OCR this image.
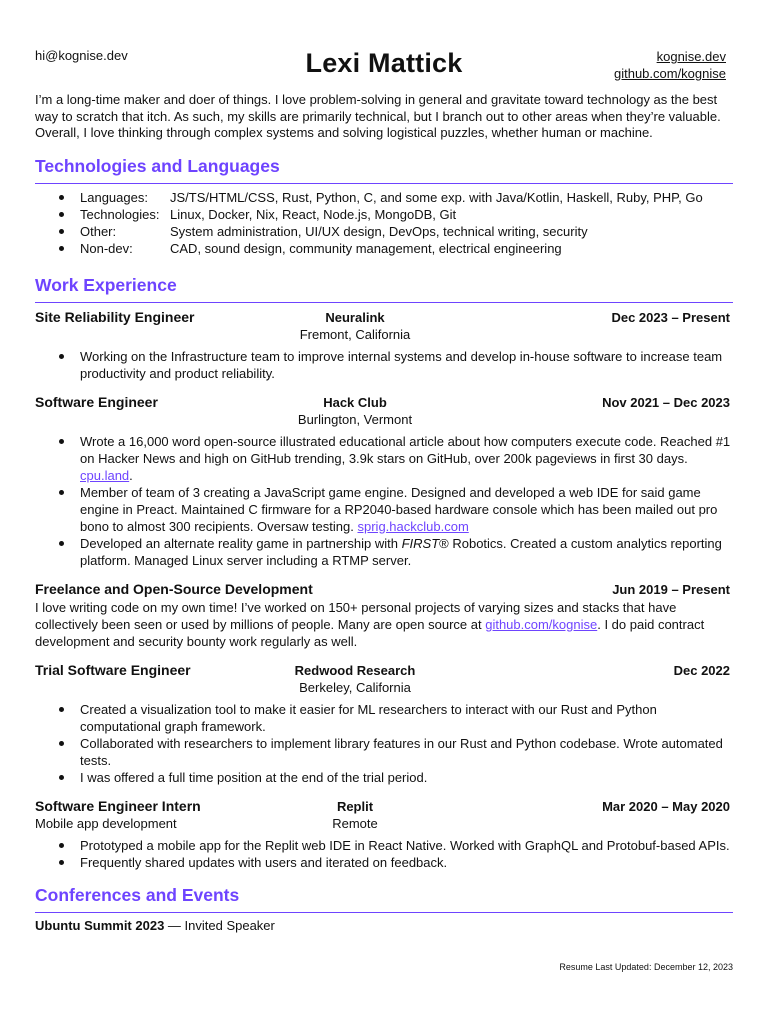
hi@kognise.dev	Lexi Mattick	kognise.dev
github.com/kognise

I’m a long-time maker and doer of things. I love problem-solving in general and gravitate toward technology as the best way to scratch that itch. As such, my skills are primarily technical, but I branch out to other areas when they’re valuable. Overall, I love thinking through complex systems and solving logistical puzzles, whether human or machine.

Technologies and Languages
Languages: JS/TS/HTML/CSS, Rust, Python, C, and some exp. with Java/Kotlin, Haskell, Ruby, PHP, Go
Technologies: Linux, Docker, Nix, React, Node.js, MongoDB, Git
Other:	System administration, UI/UX design, DevOps, technical writing, security
Non-dev:	CAD, sound design, community management, electrical engineering
Work Experience
Site Reliability Engineer	Neuralink	Dec 2023 – Present
Fremont, California
Working on the Infrastructure team to improve internal systems and develop in-house software to increase team productivity and product reliability.
Software Engineer	Hack Club	Nov 2021 – Dec 2023
Burlington, Vermont
Wrote a 16,000 word open-source illustrated educational article about how computers execute code. Reached #1 on Hacker News and high on GitHub trending, 3.9k stars on GitHub, over 200k pageviews in first 30 days. cpu.land.
Member of team of 3 creating a JavaScript game engine. Designed and developed a web IDE for said game engine in Preact. Maintained C firmware for a RP2040-based hardware console which has been mailed out pro bono to almost 300 recipients. Oversaw testing. sprig.hackclub.com
Developed an alternate reality game in partnership with FIRST® Robotics. Created a custom analytics reporting platform. Managed Linux server including a RTMP server.
Freelance and Open-Source Development	Jun 2019 – Present

I love writing code on my own time! I’ve worked on 150+ personal projects of varying sizes and stacks that have collectively been seen or used by millions of people. Many are open source at github.com/kognise. I do paid contract development and security bounty work regularly as well.

Trial Software Engineer	Redwood Research	Dec 2022
Berkeley, California
Created a visualization tool to make it easier for ML researchers to interact with our Rust and Python computational graph framework.
Collaborated with researchers to implement library features in our Rust and Python codebase. Wrote automated tests.
I was offered a full time position at the end of the trial period.
Software Engineer Intern	Replit	Mar 2020 – May 2020
Mobile app development	Remote
Prototyped a mobile app for the Replit web IDE in React Native. Worked with GraphQL and Protobuf-based APIs.
Frequently shared updates with users and iterated on feedback.
Conferences and Events
Ubuntu Summit 2023 — Invited Speaker
Resume Last Updated: December 12, 2023
